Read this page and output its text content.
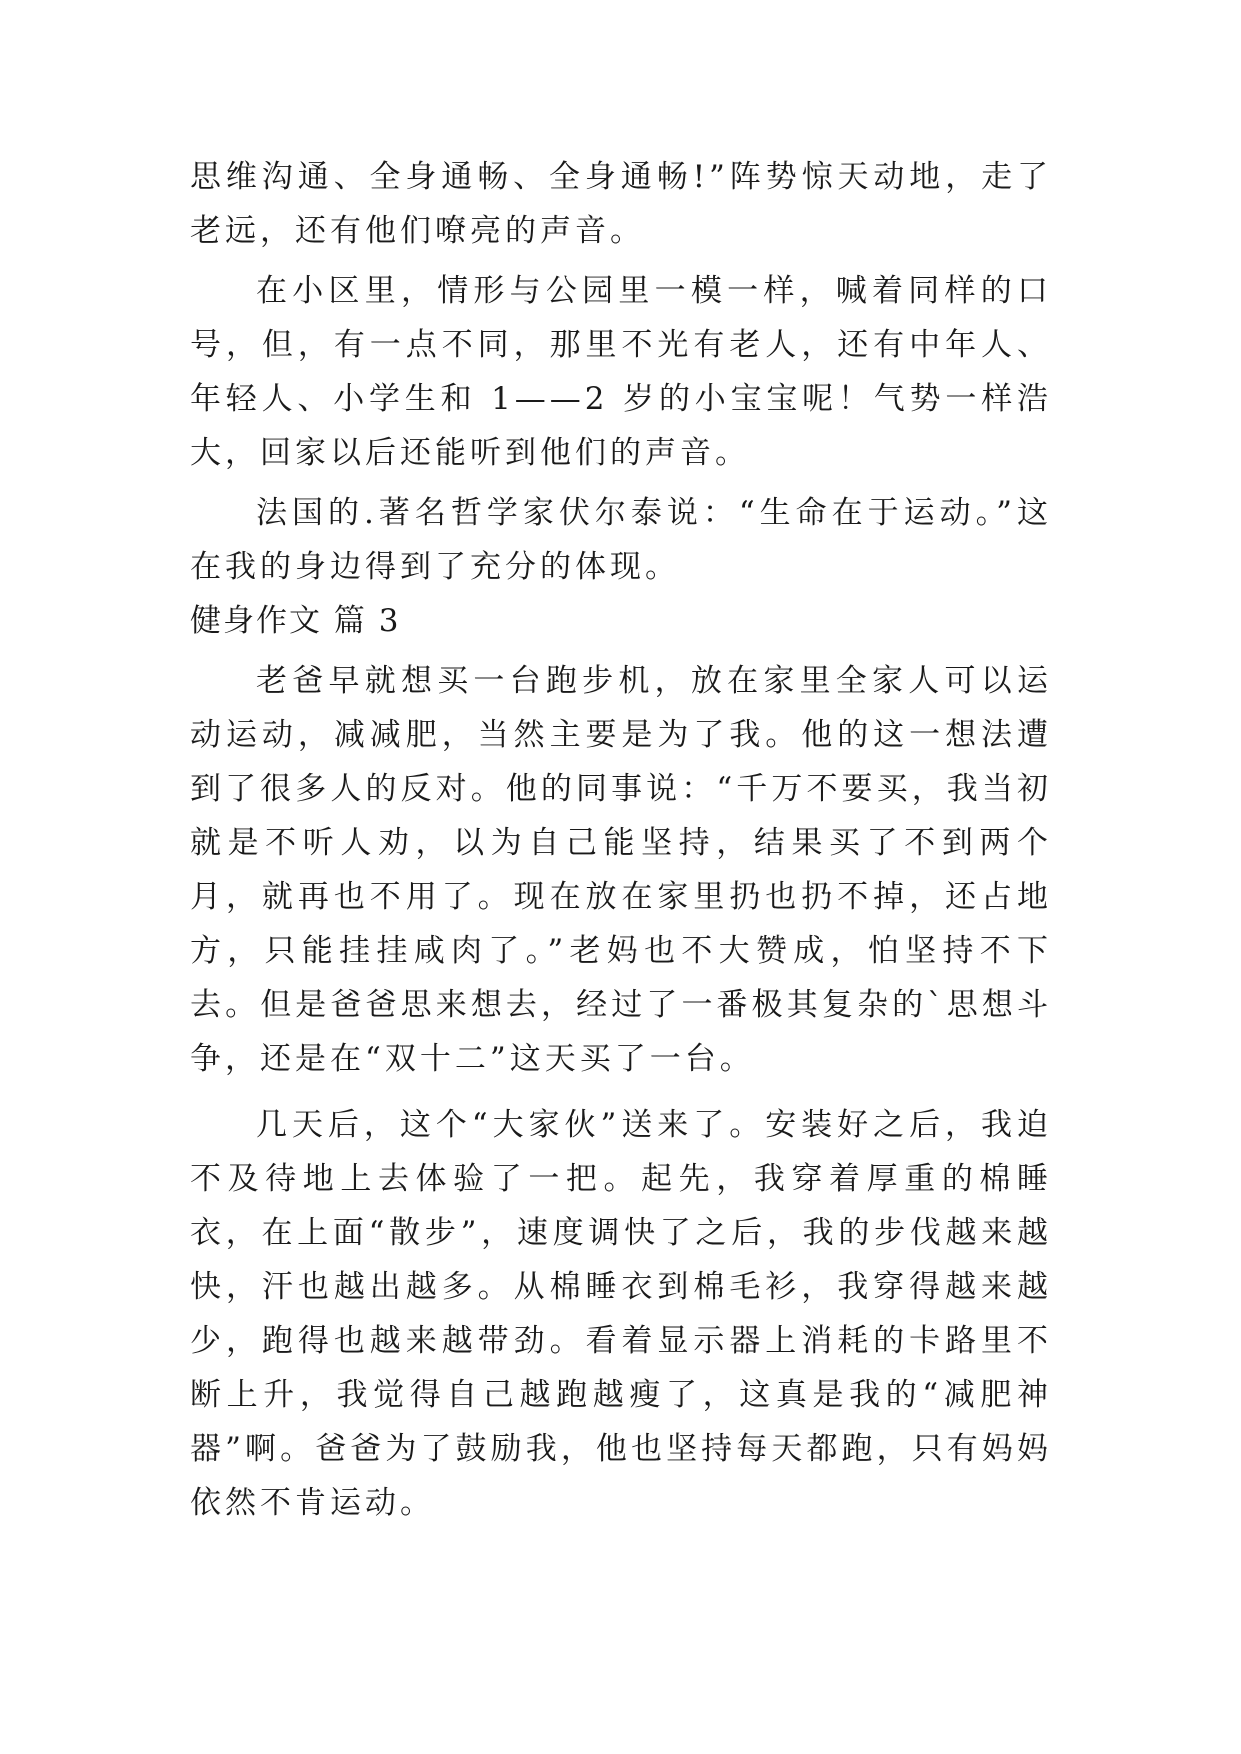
思维沟通、全身通畅、全身通畅!”阵势惊天动地，走了老远，还有他们嘹亮的声音。

在小区里，情形与公园里一模一样，喊着同样的口号，但，有一点不同，那里不光有老人，还有中年人、年轻人、小学生和 1——2 岁的小宝宝呢！气势一样浩大，回家以后还能听到他们的声音。

法国的.著名哲学家伏尔泰说：“生命在于运动。”这在我的身边得到了充分的体现。

健身作文 篇 3

老爸早就想买一台跑步机，放在家里全家人可以运动运动，减减肥，当然主要是为了我。他的这一想法遭到了很多人的反对。他的同事说：“千万不要买，我当初就是不听人劝，以为自己能坚持，结果买了不到两个月，就再也不用了。现在放在家里扔也扔不掉，还占地方，只能挂挂咸肉了。”老妈也不大赞成，怕坚持不下去。但是爸爸思来想去，经过了一番极其复杂的`思想斗争，还是在“双十二”这天买了一台。

几天后，这个“大家伙”送来了。安装好之后，我迫不及待地上去体验了一把。起先，我穿着厚重的棉睡衣，在上面“散步”，速度调快了之后，我的步伐越来越快，汗也越出越多。从棉睡衣到棉毛衫，我穿得越来越少，跑得也越来越带劲。看着显示器上消耗的卡路里不断上升，我觉得自己越跑越瘦了，这真是我的“减肥神器”啊。爸爸为了鼓励我，他也坚持每天都跑，只有妈妈依然不肯运动。
